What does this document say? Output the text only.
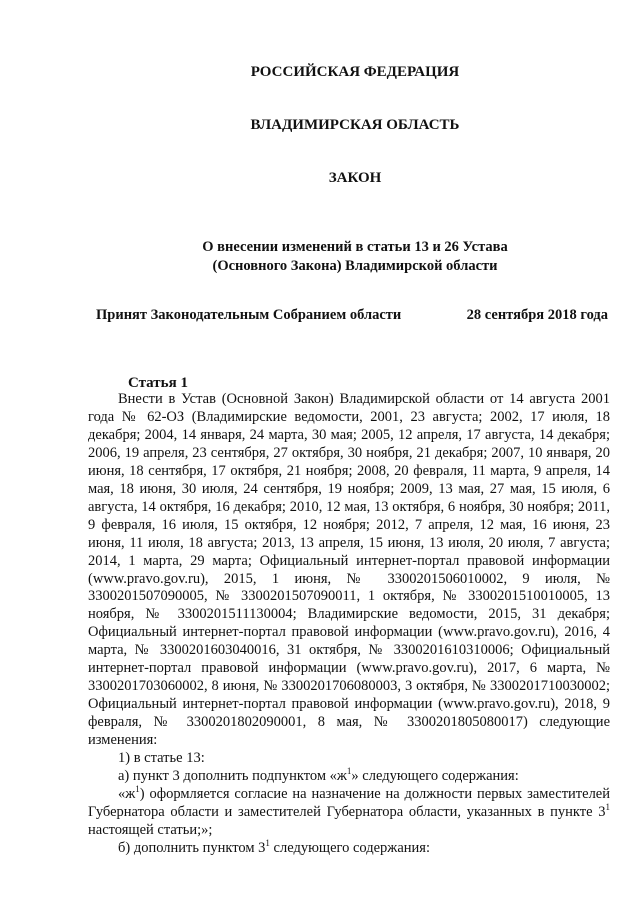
РОССИЙСКАЯ ФЕДЕРАЦИЯ

ВЛАДИМИРСКАЯ ОБЛАСТЬ

ЗАКОН

О внесении изменений в статьи 13 и 26 Устава
(Основного Закона) Владимирской области

Принят Законодательным Собранием области	28 сентября 2018 года

Статья 1

Внести в Устав (Основной Закон) Владимирской области от 14 августа 2001 года № 62-ОЗ (Владимирские ведомости, 2001, 23 августа; 2002, 17 июля, 18 декабря; 2004, 14 января, 24 марта, 30 мая; 2005, 12 апреля, 17 августа, 14 декабря; 2006, 19 апреля, 23 сентября, 27 октября, 30 ноября, 21 декабря; 2007, 10 января, 20 июня, 18 сентября, 17 октября, 21 ноября; 2008, 20 февраля, 11 марта, 9 апреля, 14 мая, 18 июня, 30 июля, 24 сентября, 19 ноября; 2009, 13 мая, 27 мая, 15 июля, 6 августа, 14 октября, 16 декабря; 2010, 12 мая, 13 октября, 6 ноября, 30 ноября; 2011, 9 февраля, 16 июля, 15 октября, 12 ноября; 2012, 7 апреля, 12 мая, 16 июня, 23 июня, 11 июля, 18 августа; 2013, 13 апреля, 15 июня, 13 июля, 20 июля, 7 августа; 2014, 1 марта, 29 марта; Официальный интернет-портал правовой информации (www.pravo.gov.ru), 2015, 1 июня, № 3300201506010002, 9 июля, № 3300201507090005, № 3300201507090011, 1 октября, № 3300201510010005, 13 ноября, № 3300201511130004; Владимирские ведомости, 2015, 31 декабря; Официальный интернет-портал правовой информации (www.pravo.gov.ru), 2016, 4 марта, № 3300201603040016, 31 октября, № 3300201610310006; Официальный интернет-портал правовой информации (www.pravo.gov.ru), 2017, 6 марта, № 3300201703060002, 8 июня, № 3300201706080003, 3 октября, № 3300201710030002; Официальный интернет-портал правовой информации (www.pravo.gov.ru), 2018, 9 февраля, № 3300201802090001, 8 мая, № 3300201805080017) следующие изменения:

1) в статье 13:

а) пункт 3 дополнить подпунктом «$ж^1$» следующего содержания:

«$ж^1$) оформляется согласие на назначение на должности первых заместителей Губернатора области и заместителей Губернатора области, указанных в пункте $3^1$ настоящей статьи;»;

б) дополнить пунктом $3^1$ следующего содержания:
